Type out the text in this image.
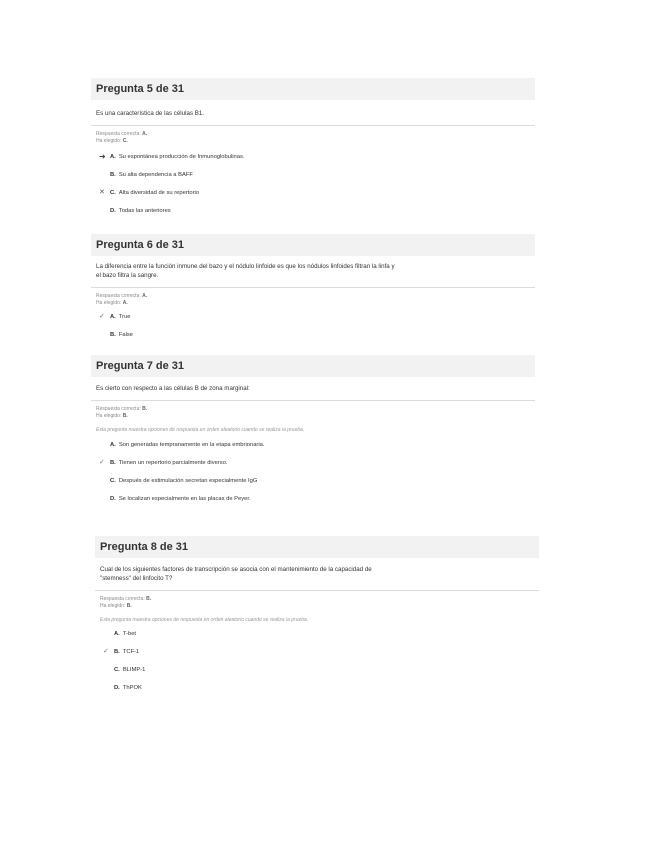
Pregunta 5 de 31
Es una característica de las células B1.
Respuesta correcta: A.
Ha elegido: C.
➜ A. Su espontánea producción de Inmunoglobulinas.
B. Su alta dependencia a BAFF
✕ C. Alta diversidad de su repertorio
D. Todas las anteriores
Pregunta 6 de 31
La diferencia entre la función inmune del bazo y el nódulo linfoide es que los nódulos linfoides filtran la linfa y el bazo filtra la sangre.
Respuesta correcta: A.
Ha elegido: A.
✓ A. True
B. False
Pregunta 7 de 31
Es cierto con respecto a las células B de zona marginal:
Respuesta correcta: B.
Ha elegido: B.
Esta pregunta muestra opciones de respuesta en orden aleatorio cuando se realiza la prueba.
A. Son generadas tempranamente en la etapa embrionaria.
✓ B. Tienen un repertorio parcialmente diverso.
C. Después de estimulación secretan especialmente IgG
D. Se localizan especialmente en las placas de Peyer.
Pregunta 8 de 31
Cual de los siguientes factores de transcripción se asocia con el mantenimiento de la capacidad de "stemness" del linfocito T?
Respuesta correcta: B.
Ha elegido: B.
Esta pregunta muestra opciones de respuesta en orden aleatorio cuando se realiza la prueba.
A. T-bet
✓ B. TCF-1
C. BLIMP-1
D. ThPOK
